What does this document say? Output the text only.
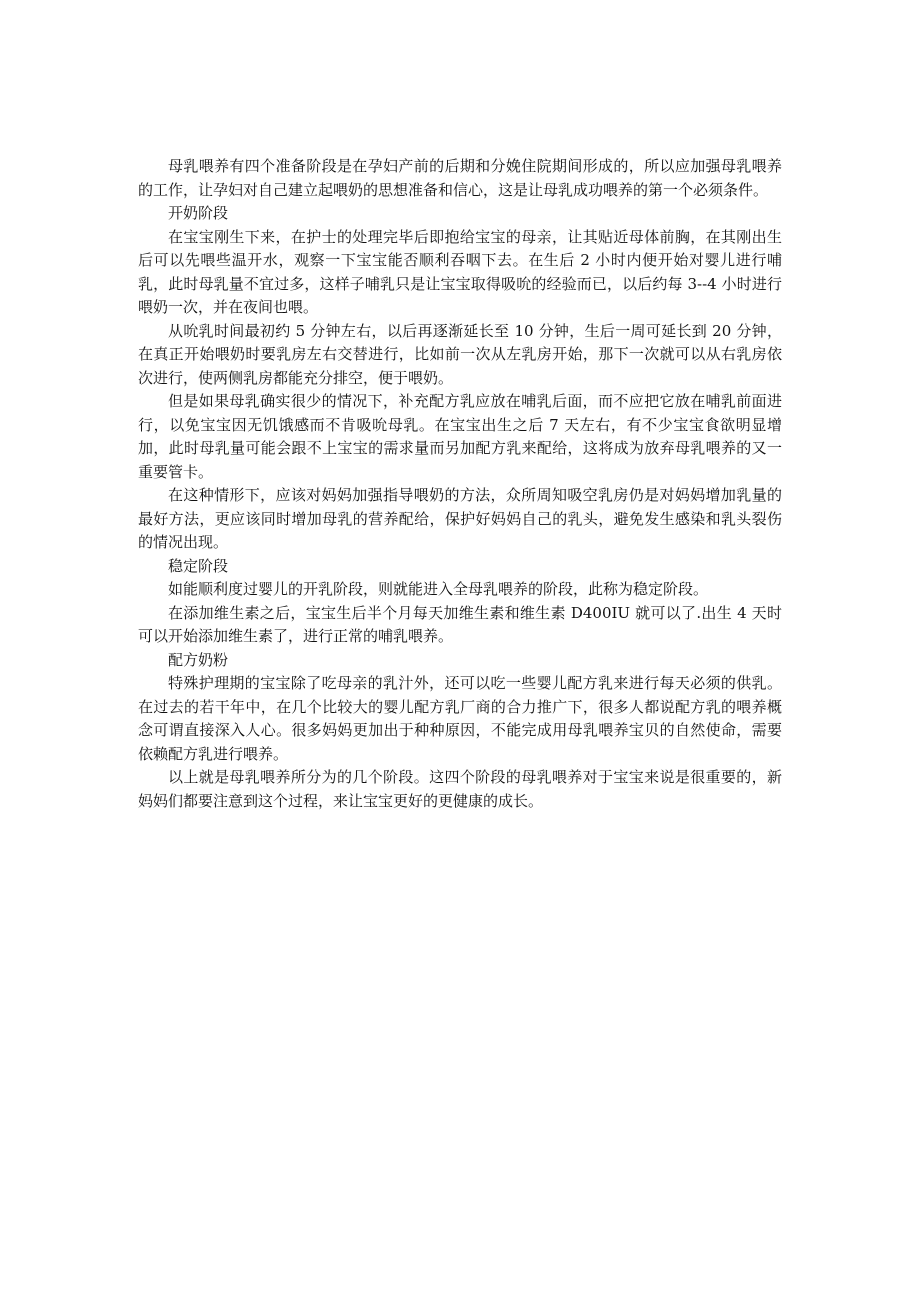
母乳喂养有四个准备阶段是在孕妇产前的后期和分娩住院期间形成的，所以应加强母乳喂养的工作，让孕妇对自己建立起喂奶的思想准备和信心，这是让母乳成功喂养的第一个必须条件。

开奶阶段

在宝宝刚生下来，在护士的处理完毕后即抱给宝宝的母亲，让其贴近母体前胸，在其刚出生后可以先喂些温开水，观察一下宝宝能否顺利吞咽下去。在生后 2 小时内便开始对婴儿进行哺乳，此时母乳量不宜过多，这样子哺乳只是让宝宝取得吸吮的经验而已，以后约每 3--4 小时进行喂奶一次，并在夜间也喂。

从吮乳时间最初约 5 分钟左右，以后再逐渐延长至 10 分钟，生后一周可延长到 20 分钟，在真正开始喂奶时要乳房左右交替进行，比如前一次从左乳房开始，那下一次就可以从右乳房依次进行，使两侧乳房都能充分排空，便于喂奶。

但是如果母乳确实很少的情况下，补充配方乳应放在哺乳后面，而不应把它放在哺乳前面进行，以免宝宝因无饥饿感而不肯吸吮母乳。在宝宝出生之后 7 天左右，有不少宝宝食欲明显增加，此时母乳量可能会跟不上宝宝的需求量而另加配方乳来配给，这将成为放弃母乳喂养的又一重要管卡。

在这种情形下，应该对妈妈加强指导喂奶的方法，众所周知吸空乳房仍是对妈妈增加乳量的最好方法，更应该同时增加母乳的营养配给，保护好妈妈自己的乳头，避免发生感染和乳头裂伤的情况出现。

稳定阶段

如能顺利度过婴儿的开乳阶段，则就能进入全母乳喂养的阶段，此称为稳定阶段。

在添加维生素之后，宝宝生后半个月每天加维生素和维生素 D400IU 就可以了.出生 4 天时可以开始添加维生素了，进行正常的哺乳喂养。

配方奶粉

特殊护理期的宝宝除了吃母亲的乳汁外，还可以吃一些婴儿配方乳来进行每天必须的供乳。在过去的若干年中，在几个比较大的婴儿配方乳厂商的合力推广下，很多人都说配方乳的喂养概念可谓直接深入人心。很多妈妈更加出于种种原因，不能完成用母乳喂养宝贝的自然使命，需要依赖配方乳进行喂养。

以上就是母乳喂养所分为的几个阶段。这四个阶段的母乳喂养对于宝宝来说是很重要的，新妈妈们都要注意到这个过程，来让宝宝更好的更健康的成长。
